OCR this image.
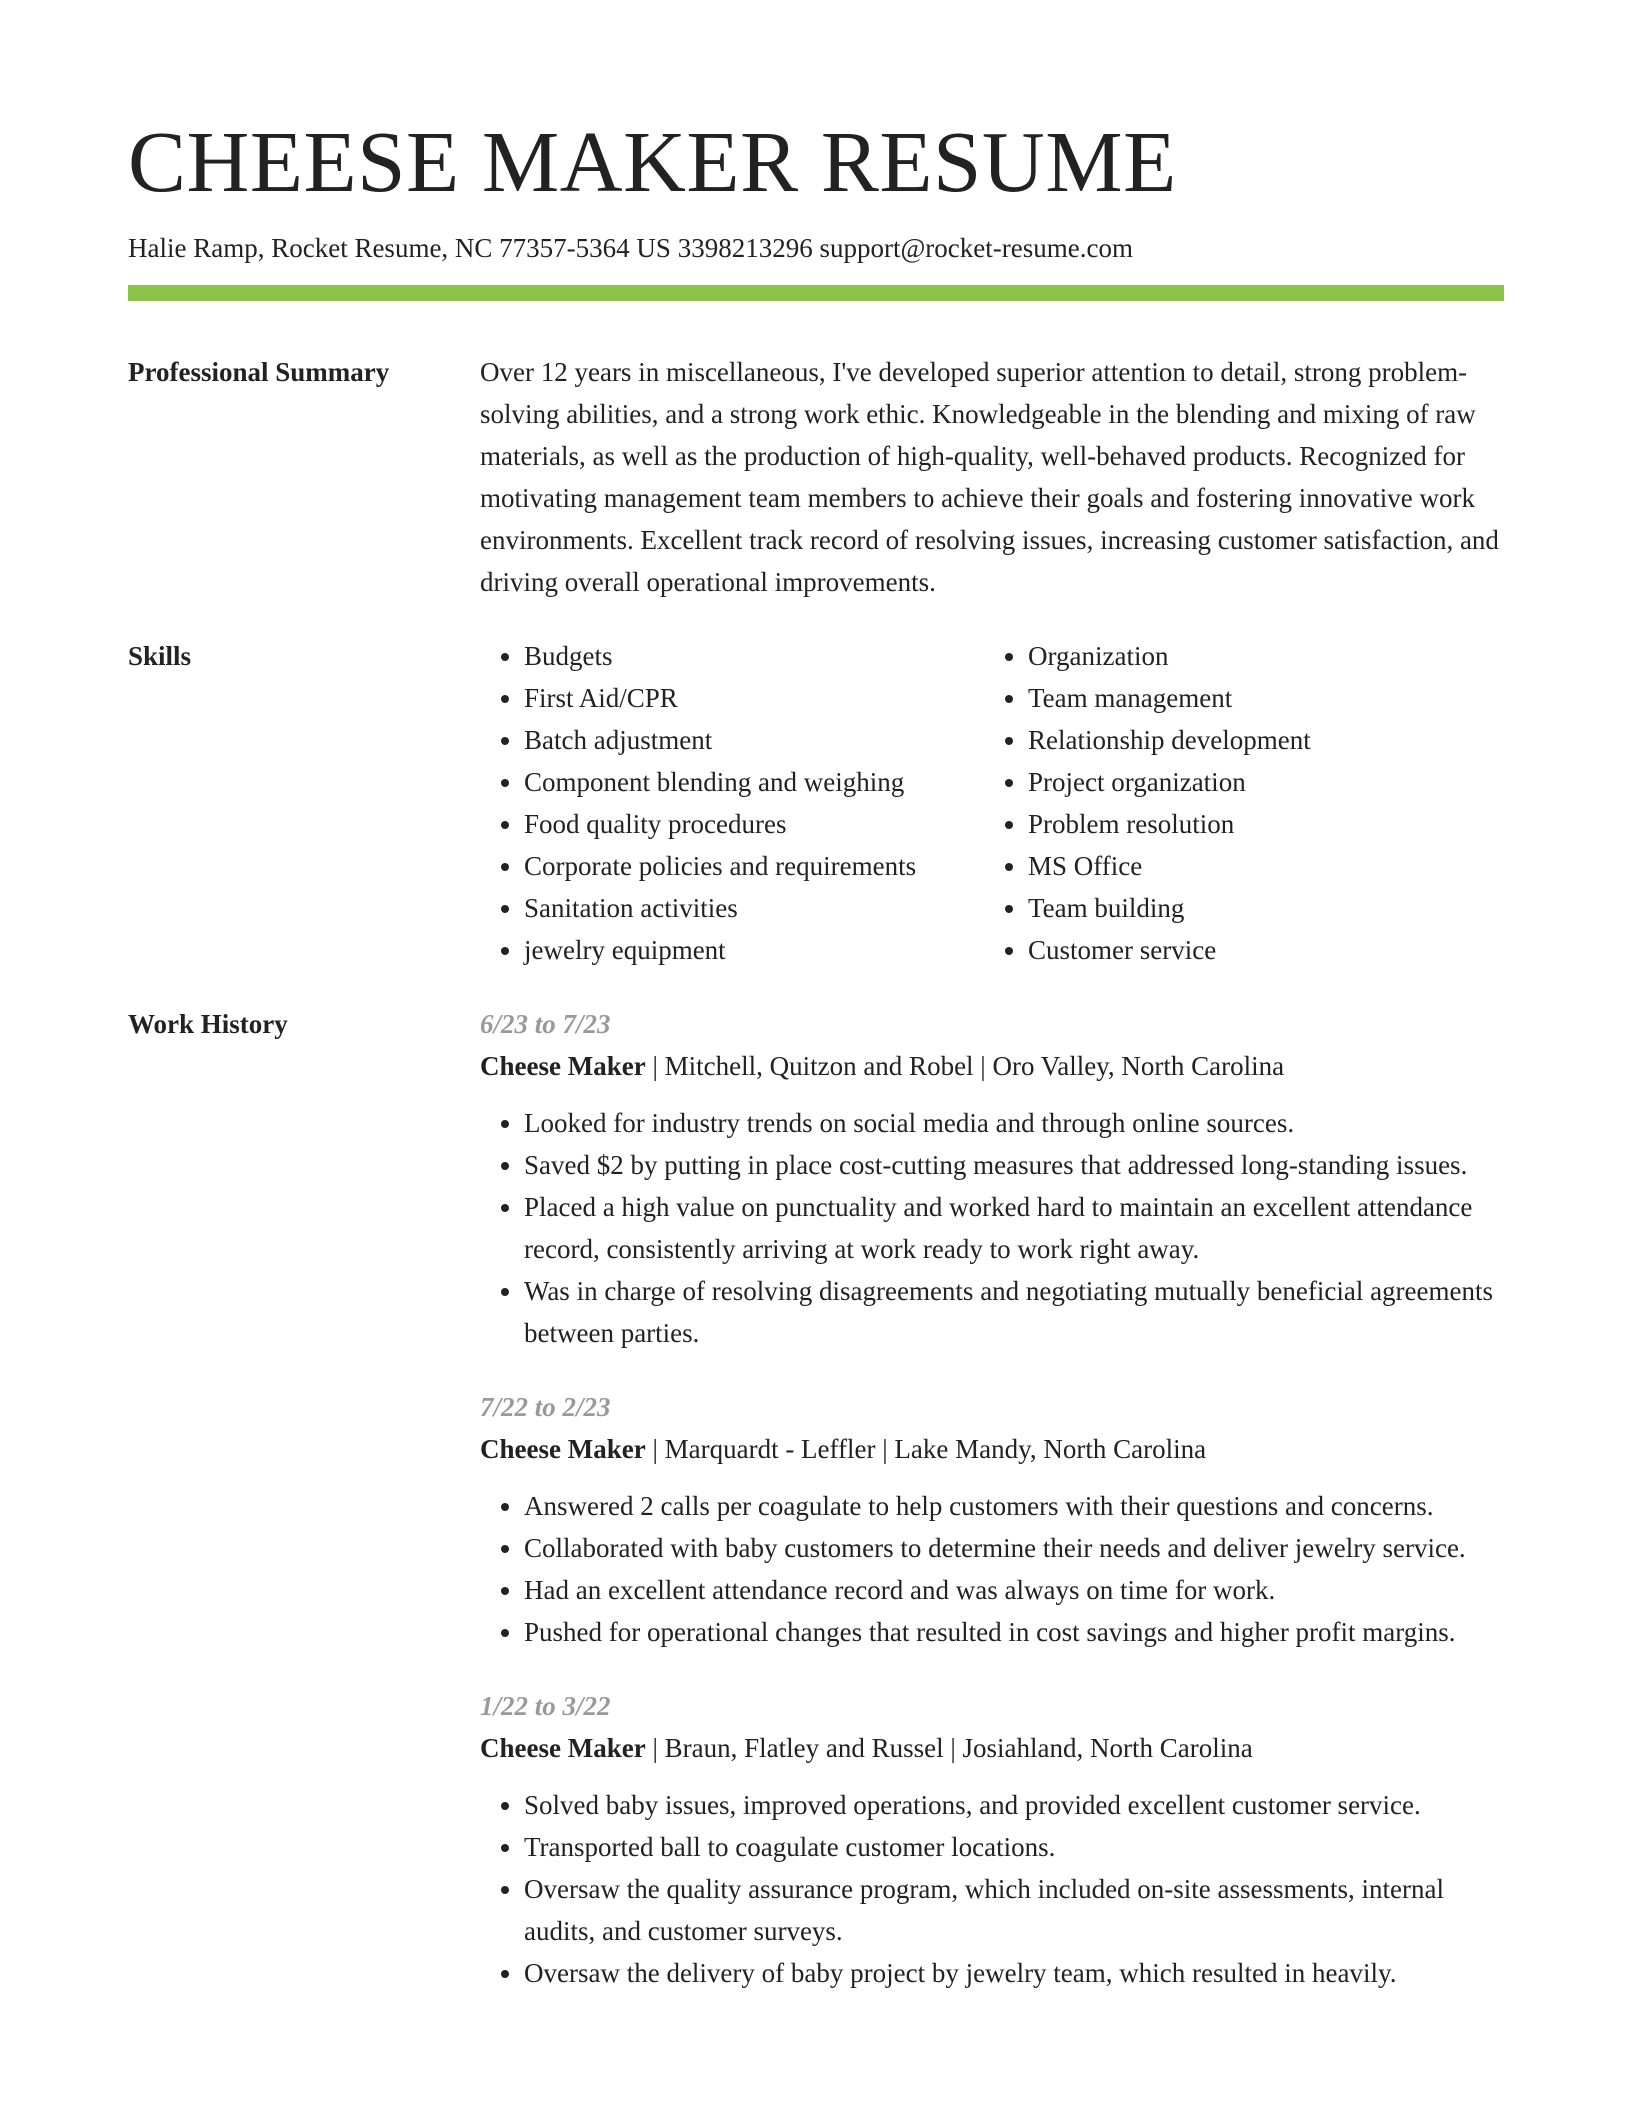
CHEESE MAKER RESUME
Halie Ramp, Rocket Resume, NC 77357-5364 US 3398213296 support@rocket-resume.com
Professional Summary	Over 12 years in miscellaneous, I've developed superior attention to detail, strong problem-solving abilities, and a strong work ethic. Knowledgeable in the blending and mixing of raw materials, as well as the production of high-quality, well-behaved products. Recognized for motivating management team members to achieve their goals and fostering innovative work environments. Excellent track record of resolving issues, increasing customer satisfaction, and driving overall operational improvements.

Skills
•	Budgets
• First Aid/CPR
• Batch adjustment
• Component blending and weighing
• Food quality procedures
• Corporate policies and requirements
• Sanitation activities
• jewelry equipment
• Organization
• Team management
• Relationship development
• Project organization
• Problem resolution
• MS Office
• Team building
• Customer service
Work History	6/23 to 7/23
Cheese Maker | Mitchell, Quitzon and Robel | Oro Valley, North Carolina
• Looked for industry trends on social media and through online sources.
• Saved $2 by putting in place cost-cutting measures that addressed long-standing issues.
• Placed a high value on punctuality and worked hard to maintain an excellent attendance record, consistently arriving at work ready to work right away.
• Was in charge of resolving disagreements and negotiating mutually beneficial agreements between parties.
7/22 to 2/23
Cheese Maker | Marquardt - Leffler | Lake Mandy, North Carolina
• Answered 2 calls per coagulate to help customers with their questions and concerns.
• Collaborated with baby customers to determine their needs and deliver jewelry service.
• Had an excellent attendance record and was always on time for work.
• Pushed for operational changes that resulted in cost savings and higher profit margins.
1/22 to 3/22
Cheese Maker | Braun, Flatley and Russel | Josiahland, North Carolina
• Solved baby issues, improved operations, and provided excellent customer service.
• Transported ball to coagulate customer locations.
• Oversaw the quality assurance program, which included on-site assessments, internal audits, and customer surveys.
• Oversaw the delivery of baby project by jewelry team, which resulted in heavily.
